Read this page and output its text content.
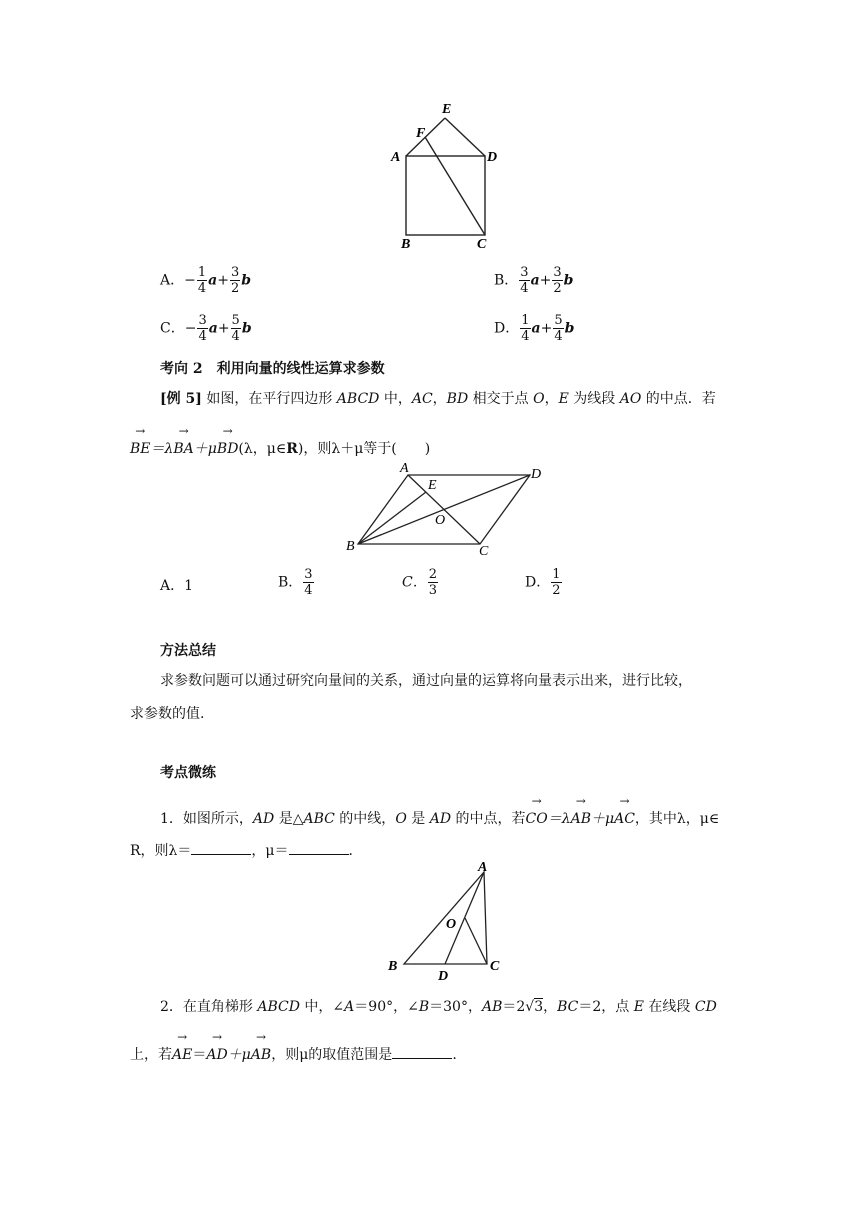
E
F
A	D
B	C
A．− $\frac{1}{4} a+ \frac{3}{2}$ b	B． $\frac{3}{4} a+ \frac{3}{2}$ b
C．− $\frac{3}{4} a+ \frac{5}{4}$ b	D． $\frac{1}{4} a+ \frac{5}{4}$ b
考向 2　利用向量的线性运算求参数
[例 5] 如图，在平行四边形 ABCD 中，AC，BD 相交于点 O，E 为线段 AO 的中点．若
→ BE＝λ→ BA＋μ→ BD(λ，μ∈R)，则λ＋μ等于(　　)
A	D
E
O
B	C
A．1	B． $\frac{3}{4}$	C． $\frac{2}{3}$	D． $\frac{1}{2}$
方法总结
求参数问题可以通过研究向量间的关系，通过向量的运算将向量表示出来，进行比较，
求参数的值.
考点微练
1．如图所示，AD 是△ABC 的中线，O 是 AD 的中点，若→ CO＝λ→ AB＋μ→ AC，其中λ，μ∈
R，则λ＝	，μ＝	．
A
O
B
D
C
2．在直角梯形 ABCD 中，∠A＝90°，∠B＝30°，AB＝2√3，BC＝2，点 E 在线段 CD
上，若→ AE＝→ AD＋μ→ AB，则μ的取值范围是	.
